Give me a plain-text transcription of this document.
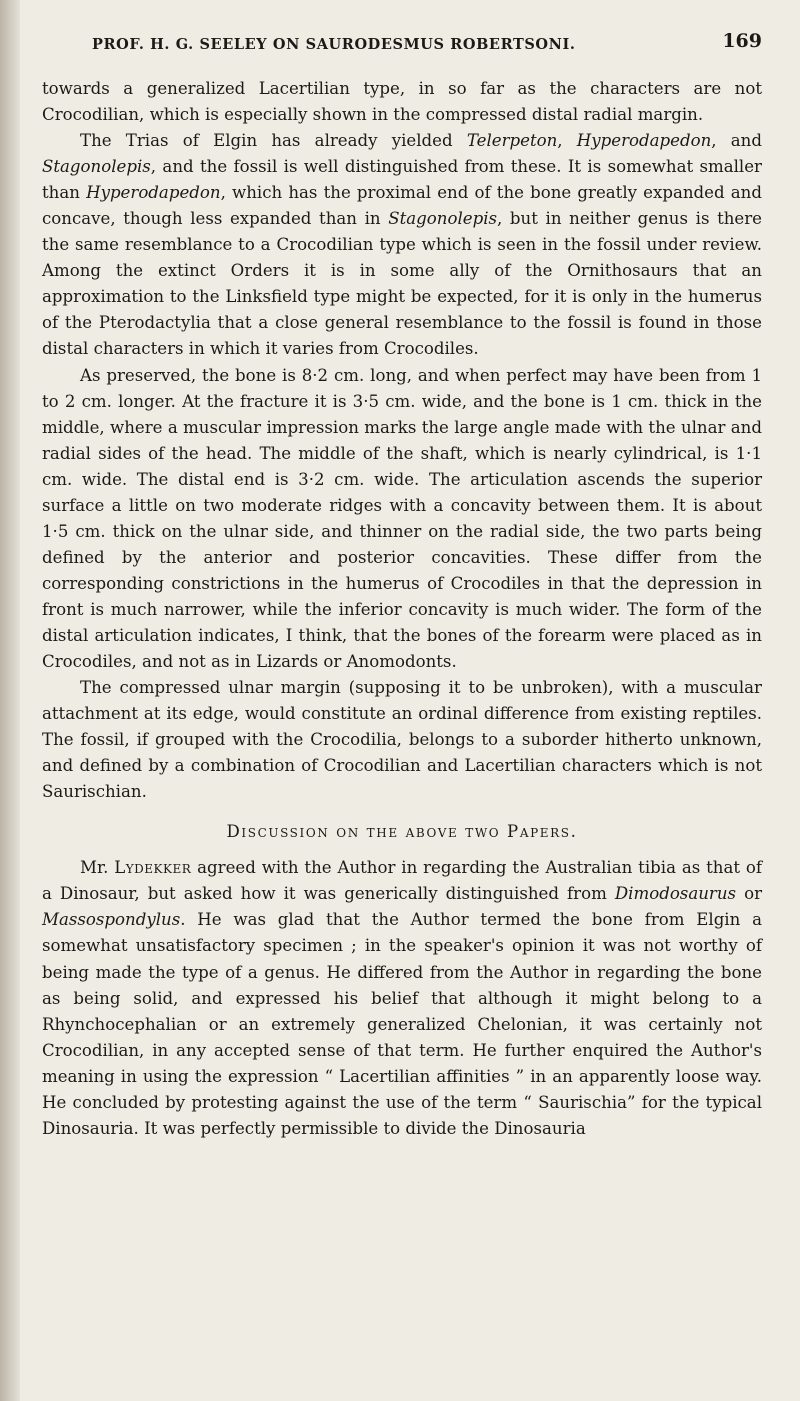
PROF. H. G. SEELEY ON SAURODESMUS ROBERTSONI.	169

towards a generalized Lacertilian type, in so far as the characters are not Crocodilian, which is especially shown in the compressed distal radial margin.

The Trias of Elgin has already yielded Telerpeton, Hyperodapedon, and Stagonolepis, and the fossil is well distinguished from these. It is somewhat smaller than Hyperodapedon, which has the proximal end of the bone greatly expanded and concave, though less expanded than in Stagonolepis, but in neither genus is there the same resemblance to a Crocodilian type which is seen in the fossil under review. Among the extinct Orders it is in some ally of the Ornithosaurs that an approximation to the Linksfield type might be expected, for it is only in the humerus of the Pterodactylia that a close general resemblance to the fossil is found in those distal characters in which it varies from Crocodiles.

As preserved, the bone is 8·2 cm. long, and when perfect may have been from 1 to 2 cm. longer. At the fracture it is 3·5 cm. wide, and the bone is 1 cm. thick in the middle, where a muscular impression marks the large angle made with the ulnar and radial sides of the head. The middle of the shaft, which is nearly cylindrical, is 1·1 cm. wide. The distal end is 3·2 cm. wide. The articulation ascends the superior surface a little on two moderate ridges with a concavity between them. It is about 1·5 cm. thick on the ulnar side, and thinner on the radial side, the two parts being defined by the anterior and posterior concavities. These differ from the corresponding constrictions in the humerus of Crocodiles in that the depression in front is much narrower, while the inferior concavity is much wider. The form of the distal articulation indicates, I think, that the bones of the forearm were placed as in Crocodiles, and not as in Lizards or Anomodonts.

The compressed ulnar margin (supposing it to be unbroken), with a muscular attachment at its edge, would constitute an ordinal difference from existing reptiles. The fossil, if grouped with the Crocodilia, belongs to a suborder hitherto unknown, and defined by a combination of Crocodilian and Lacertilian characters which is not Saurischian.

Discussion on the above two Papers.

Mr. Lydekker agreed with the Author in regarding the Australian tibia as that of a Dinosaur, but asked how it was generically distinguished from Dimodosaurus or Massospondylus. He was glad that the Author termed the bone from Elgin a somewhat unsatisfactory specimen ; in the speaker's opinion it was not worthy of being made the type of a genus. He differed from the Author in regarding the bone as being solid, and expressed his belief that although it might belong to a Rhynchocephalian or an extremely generalized Chelonian, it was certainly not Crocodilian, in any accepted sense of that term. He further enquired the Author's meaning in using the expression “ Lacertilian affinities ” in an apparently loose way. He concluded by protesting against the use of the term “ Saurischia” for the typical Dinosauria. It was perfectly permissible to divide the Dinosauria
